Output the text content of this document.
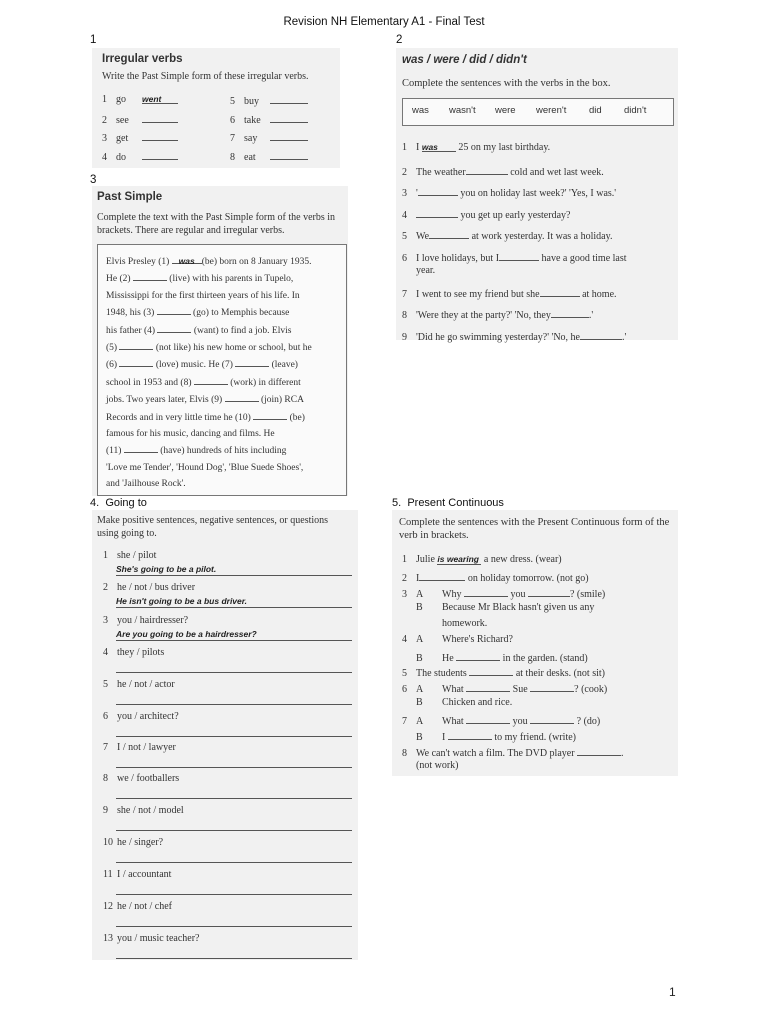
Revision NH Elementary A1 - Final Test
1	2
3
Irregular verbs
Write the Past Simple form of these irregular verbs.
1 go went
2 see
3 get
4 do
5 buy
6 take
7 say
8 eat
was / were / did / didn't
Complete the sentences with the verbs in the box.
was wasn't were weren't did didn't
1 I was 25 on my last birthday.
2 The weather	cold and wet last week.
3 '	you on holiday last week?' 'Yes, I was.'
4	you get up early yesterday?
5 We	at work yesterday. It was a holiday.
6 I love holidays, but I	have a good time last
year.
7 I went to see my friend but she	at home.
8 'Were they at the party?' 'No, they	.'
9 'Did he go swimming yesterday?' 'No, he	.'
Past Simple
Complete the text with the Past Simple form of the verbs in brackets. There are regular and irregular verbs.
Elvis Presley (1) was (be) born on 8 January 1935.
He (2)	(live) with his parents in Tupelo,
Mississippi for the first thirteen years of his life. In
1948, his (3)	(go) to Memphis because
his father (4)	(want) to find a job. Elvis
(5)	(not like) his new home or school, but he
(6)	(love) music. He (7)	(leave)
school in 1953 and (8)	(work) in different
jobs. Two years later, Elvis (9)	(join) RCA
Records and in very little time he (10)	(be)
famous for his music, dancing and films. He
(11)	(have) hundreds of hits including
'Love me Tender', 'Hound Dog', 'Blue Suede Shoes',
and 'Jailhouse Rock'.
4. Going to	5. Present Continuous
Make positive sentences, negative sentences, or questions
using going to.
1 she / pilot
She's going to be a pilot.
2 he / not / bus driver
He isn't going to be a bus driver.
3 you / hairdresser?
Are you going to be a hairdresser?
4 they / pilots
5 he / not / actor
6 you / architect?
7 I / not / lawyer
8 we / footballers
9 she / not / model
10 he / singer?
11 I / accountant
12 he / not / chef
13 you / music teacher?
Complete the sentences with the Present Continuous form of the verb in brackets.
1 Julie is wearing a new dress. (wear)
2 I	on holiday tomorrow. (not go)
3 A Why	you	? (smile)
B Because Mr Black hasn't given us any
homework.
4 A Where's Richard?
B He	in the garden. (stand)
5 The students	at their desks. (not sit)
6 A What	Sue	? (cook)
B Chicken and rice.
7 A What	you	? (do)
B I	to my friend. (write)
8 We can't watch a film. The DVD player	.
(not work)
1
